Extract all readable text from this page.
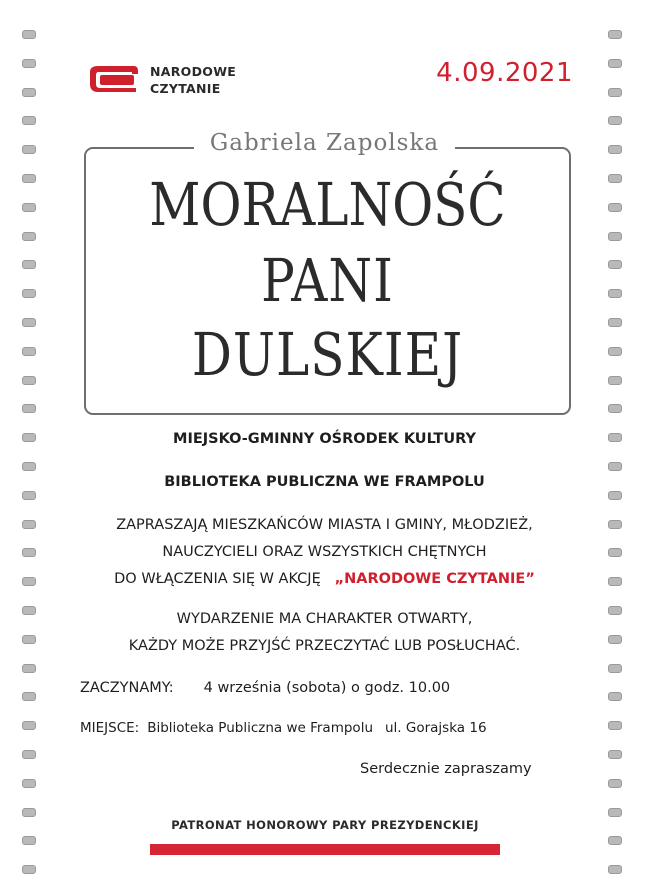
NARODOWE
CZYTANIE
4.09.2021
Gabriela Zapolska
MORALNOŚĆ
PANI
DULSKIEJ
MIEJSKO-GMINNY OŚRODEK KULTURY
BIBLIOTEKA PUBLICZNA WE FRAMPOLU
ZAPRASZAJĄ MIESZKAŃCÓW MIASTA I GMINY, MŁODZIEŻ,
NAUCZYCIELI ORAZ WSZYSTKICH CHĘTNYCH
DO WŁĄCZENIA SIĘ W AKCJĘ „NARODOWE CZYTANIE”
WYDARZENIE MA CHARAKTER OTWARTY,
KAŻDY MOŻE PRZYJŚĆ PRZECZYTAĆ LUB POSŁUCHAĆ.
ZACZYNAMY: 4 września (sobota) o godz. 10.00
MIEJSCE: Biblioteka Publiczna we Frampolu ul. Gorajska 16
Serdecznie zapraszamy
PATRONAT HONOROWY PARY PREZYDENCKIEJ
